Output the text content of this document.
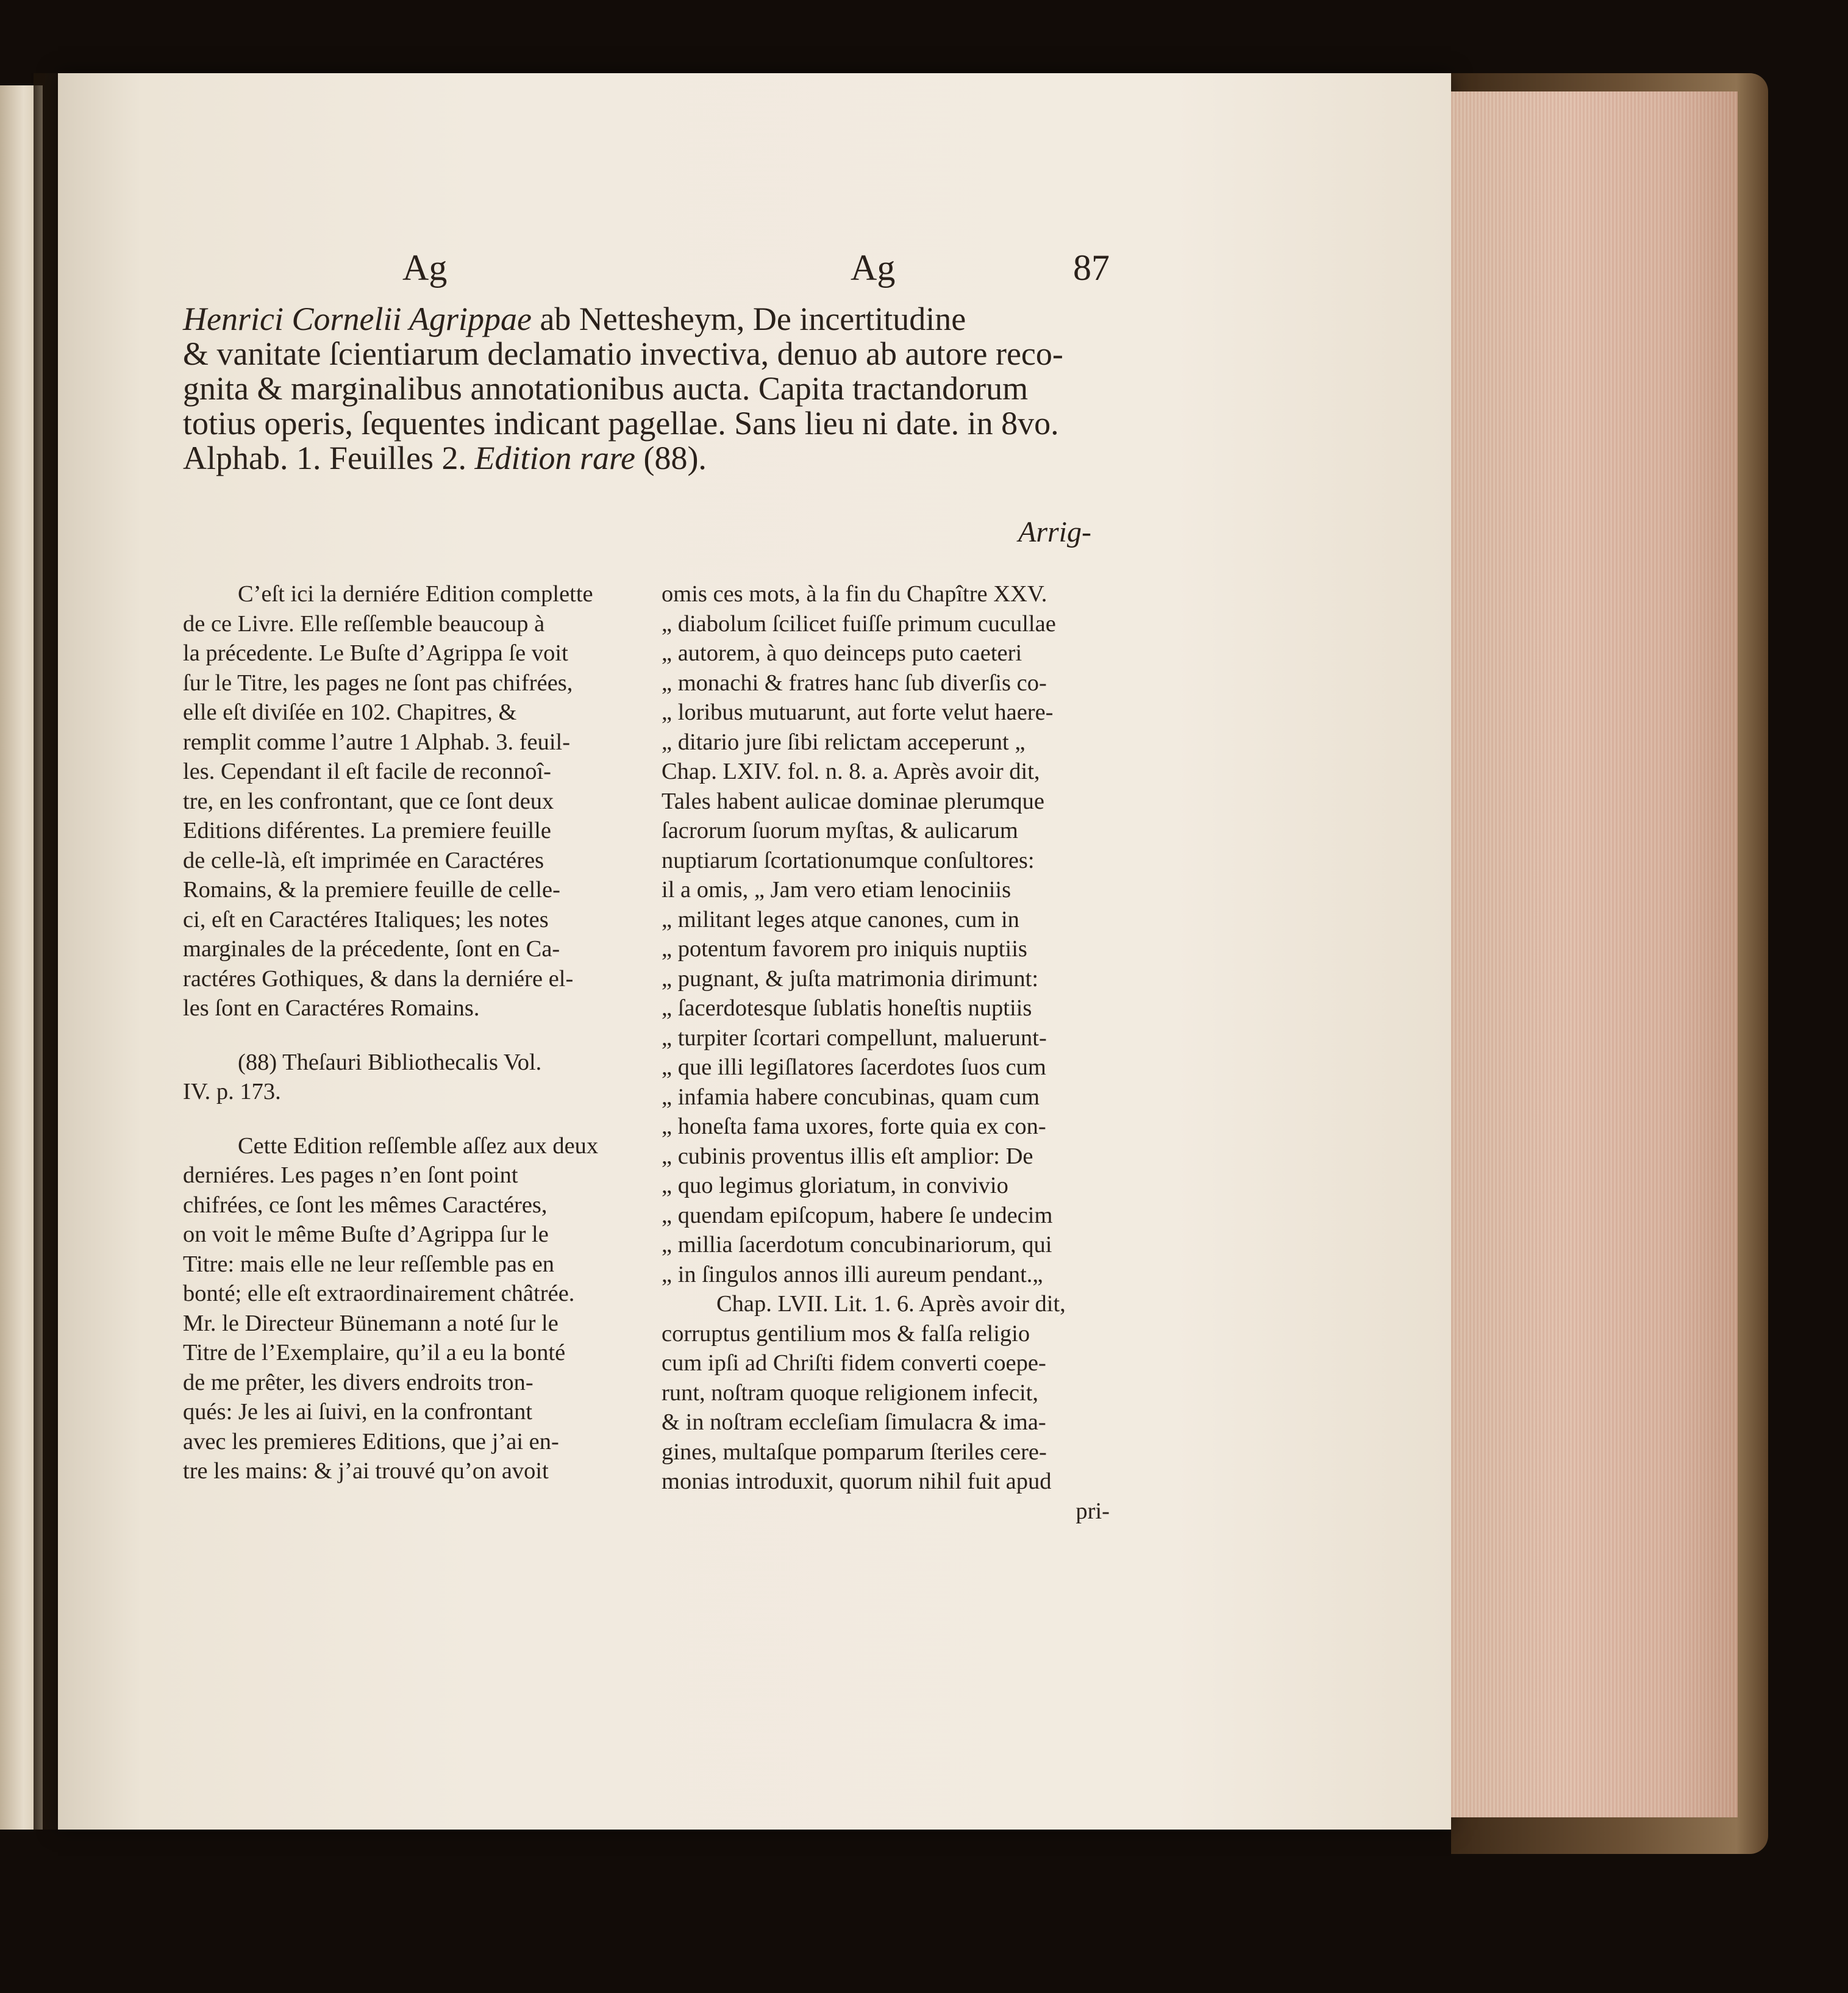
Ag	Ag	87
Henrici Cornelii Agrippae ab Nettesheym, De incertitudine
& vanitate ſcientiarum declamatio invectiva, denuo ab autore reco-
gnita & marginalibus annotationibus aucta. Capita tractandorum
totius operis, ſequentes indicant pagellae. Sans lieu ni date. in 8vo.
Alphab. 1. Feuilles 2. Edition rare (88).
Arrig-
C’eſt ici la derniére Edition complette
de ce Livre. Elle reſſemble beaucoup à
la précedente. Le Buſte d’Agrippa ſe voit
ſur le Titre, les pages ne ſont pas chifrées,
elle eſt diviſée en 102. Chapitres, &
remplit comme l’autre 1 Alphab. 3. feuil-
les. Cependant il eſt facile de reconnoî-
tre, en les confrontant, que ce ſont deux
Editions diférentes. La premiere feuille
de celle-là, eſt imprimée en Caractéres
Romains, & la premiere feuille de celle-
ci, eſt en Caractéres Italiques; les notes
marginales de la précedente, ſont en Ca-
ractéres Gothiques, & dans la derniére el-
les ſont en Caractéres Romains.
(88) Theſauri Bibliothecalis Vol.
IV. p. 173.
Cette Edition reſſemble aſſez aux deux
derniéres. Les pages n’en ſont point
chifrées, ce ſont les mêmes Caractéres,
on voit le même Buſte d’Agrippa ſur le
Titre: mais elle ne leur reſſemble pas en
bonté; elle eſt extraordinairement châtrée.
Mr. le Directeur Bünemann a noté ſur le
Titre de l’Exemplaire, qu’il a eu la bonté
de me prêter, les divers endroits tron-
qués: Je les ai ſuivi, en la confrontant
avec les premieres Editions, que j’ai en-
tre les mains: & j’ai trouvé qu’on avoit
omis ces mots, à la fin du Chapître XXV.
„ diabolum ſcilicet fuiſſe primum cucullae
„ autorem, à quo deinceps puto caeteri
„ monachi & fratres hanc ſub diverſis co-
„ loribus mutuarunt, aut forte velut haere-
„ ditario jure ſibi relictam acceperunt „
Chap. LXIV. fol. n. 8. a. Après avoir dit,
Tales habent aulicae dominae plerumque
ſacrorum ſuorum myſtas, & aulicarum
nuptiarum ſcortationumque conſultores:
il a omis, „ Jam vero etiam lenociniis
„ militant leges atque canones, cum in
„ potentum favorem pro iniquis nuptiis
„ pugnant, & juſta matrimonia dirimunt:
„ ſacerdotesque ſublatis honeſtis nuptiis
„ turpiter ſcortari compellunt, maluerunt-
„ que illi legiſlatores ſacerdotes ſuos cum
„ infamia habere concubinas, quam cum
„ honeſta fama uxores, forte quia ex con-
„ cubinis proventus illis eſt amplior: De
„ quo legimus gloriatum, in convivio
„ quendam epiſcopum, habere ſe undecim
„ millia ſacerdotum concubinariorum, qui
„ in ſingulos annos illi aureum pendant.„
Chap. LVII. Lit. 1. 6. Après avoir dit,
corruptus gentilium mos & falſa religio
cum ipſi ad Chriſti fidem converti coepe-
runt, noſtram quoque religionem infecit,
& in noſtram eccleſiam ſimulacra & ima-
gines, multaſque pomparum ſteriles cere-
monias introduxit, quorum nihil fuit apud
pri-
